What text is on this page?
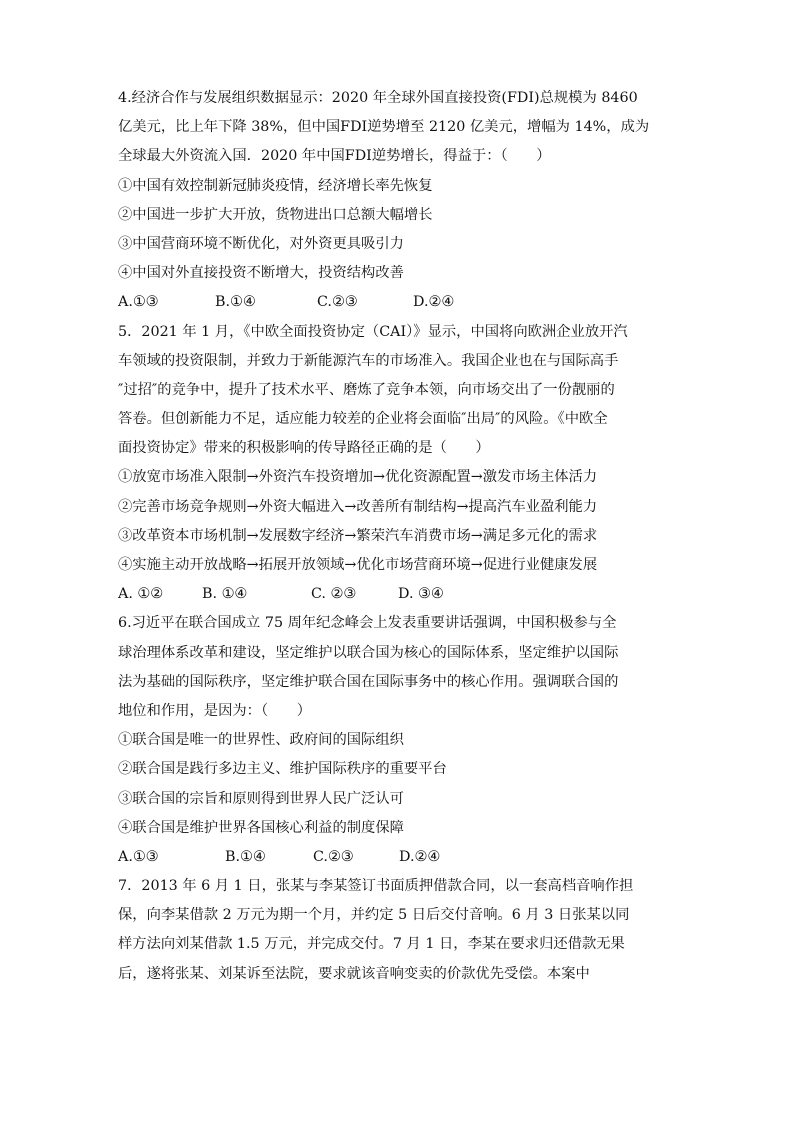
4.经济合作与发展组织数据显示：2020 年全球外国直接投资(FDI)总规模为 8460
亿美元，比上年下降 38%，但中国FDI逆势增至 2120 亿美元，增幅为 14%，成为
全球最大外资流入国．2020 年中国FDI逆势增长，得益于：（　　）
①中国有效控制新冠肺炎疫情，经济增长率先恢复
②中国进一步扩大开放，货物进出口总额大幅增长
③中国营商环境不断优化，对外资更具吸引力
④中国对外直接投资不断增大，投资结构改善
A.①③	B.①④	C.②③	D.②④
5．2021 年 1 月，《中欧全面投资协定（CAI）》显示，中国将向欧洲企业放开汽
车领域的投资限制，并致力于新能源汽车的市场准入。我国企业也在与国际高手
″过招″的竞争中，提升了技术水平、磨炼了竞争本领，向市场交出了一份靓丽的
答卷。但创新能力不足，适应能力较差的企业将会面临″出局″的风险。《中欧全
面投资协定》带来的积极影响的传导路径正确的是（　　）
①放宽市场准入限制→外资汽车投资增加→优化资源配置→激发市场主体活力
②完善市场竞争规则→外资大幅进入→改善所有制结构→提高汽车业盈利能力
③改革资本市场机制→发展数字经济→繁荣汽车消费市场→满足多元化的需求
④实施主动开放战略→拓展开放领域→优化市场营商环境→促进行业健康发展
A. ①②	B. ①④	C. ②③	D. ③④
6.习近平在联合国成立 75 周年纪念峰会上发表重要讲话强调，中国积极参与全
球治理体系改革和建设，坚定维护以联合国为核心的国际体系，坚定维护以国际
法为基础的国际秩序，坚定维护联合国在国际事务中的核心作用。强调联合国的
地位和作用，是因为：（　　）
①联合国是唯一的世界性、政府间的国际组织
②联合国是践行多边主义、维护国际秩序的重要平台
③联合国的宗旨和原则得到世界人民广泛认可
④联合国是维护世界各国核心利益的制度保障
A.①③	B.①④	C.②③	D.②④
7．2013 年 6 月 1 日，张某与李某签订书面质押借款合同，以一套高档音响作担
保，向李某借款 2 万元为期一个月，并约定 5 日后交付音响。6 月 3 日张某以同
样方法向刘某借款 1.5 万元，并完成交付。7 月 1 日，李某在要求归还借款无果
后，遂将张某、刘某诉至法院，要求就该音响变卖的价款优先受偿。本案中
